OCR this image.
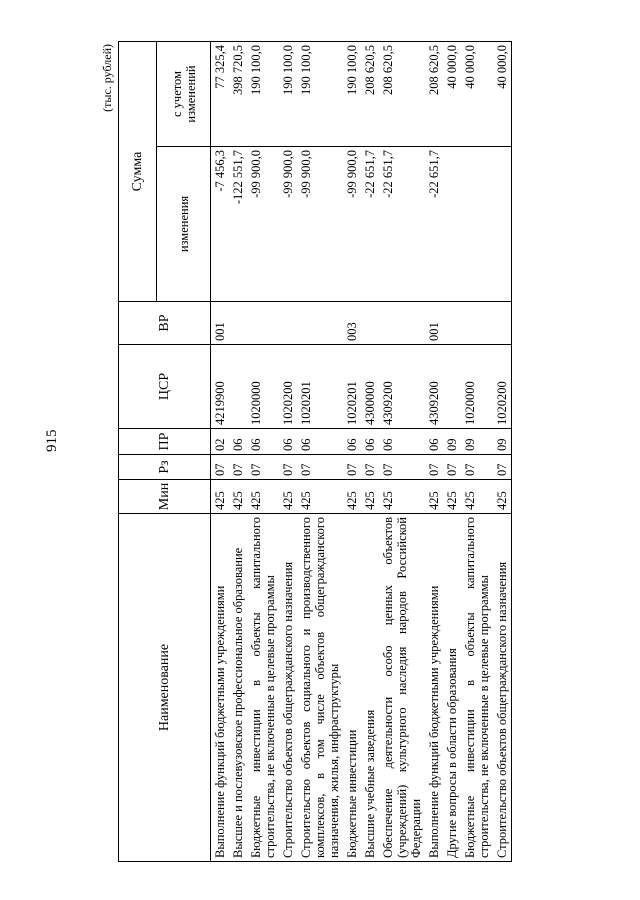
915
(тыс. рублей)
Наименование	Мин	Рз	ПР	ЦСР	ВР	Сумма	
						изменения	с учетом изменений
Выполнение функций бюджетными учреждениями	425	07	02	4219900	001	-7 456,3	77 325,4
Высшее и послевузовское профессиональное образование	425	07	06			-122 551,7	398 720,5
Бюджетные инвестиции в объекты капитального строительства, не включенные в целевые программы	425	07	06	1020000		-99 900,0	190 100,0
Строительство объектов общегражданского назначения	425	07	06	1020200		-99 900,0	190 100,0
Строительство объектов социального и производственного комплексов, в том числе объектов общегражданского назначения, жилья, инфраструктуры	425	07	06	1020201		-99 900,0	190 100,0
Бюджетные инвестиции	425	07	06	1020201	003	-99 900,0	190 100,0
Высшие учебные заведения	425	07	06	4300000		-22 651,7	208 620,5
Обеспечение деятельности особо ценных объектов (учреждений) культурного наследия народов Российской Федерации	425	07	06	4309200		-22 651,7	208 620,5
Выполнение функций бюджетными учреждениями	425	07	06	4309200	001	-22 651,7	208 620,5
Другие вопросы в области образования	425	07	09				40 000,0
Бюджетные инвестиции в объекты капитального строительства, не включенные в целевые программы	425	07	09	1020000			40 000,0
Строительство объектов общегражданского назначения	425	07	09	1020200			40 000,0
